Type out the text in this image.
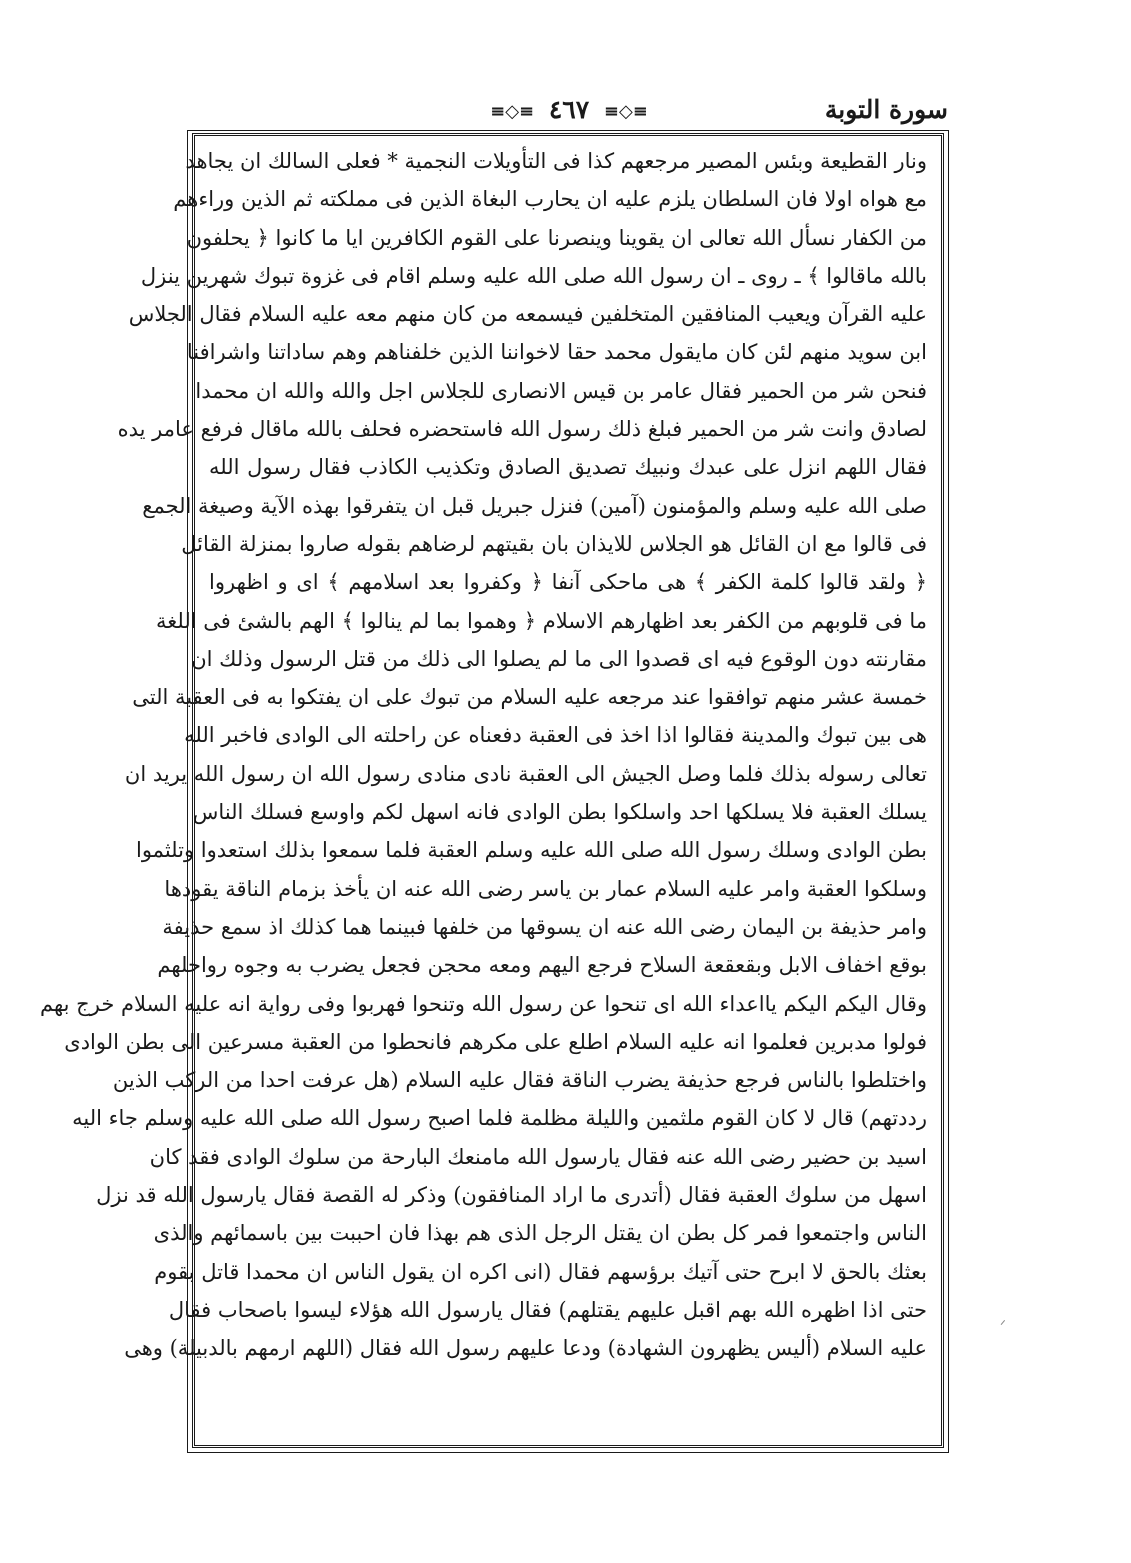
سورة التوبة
≡◇≡ ٤٦٧ ≡◇≡
ونار القطيعة وبئس المصير مرجعهم كذا فى التأويلات النجمية * فعلى السالك ان يجاهد
مع هواه اولا فان السلطان يلزم عليه ان يحارب البغاة الذين فى مملكته ثم الذين وراءهم
من الكفار نسأل الله تعالى ان يقوينا وينصرنا على القوم الكافرين ايا ما كانوا ﴿ يحلفون
بالله ماقالوا ﴾ ـ روى ـ ان رسول الله صلى الله عليه وسلم اقام فى غزوة تبوك شهرين ينزل
عليه القرآن ويعيب المنافقين المتخلفين فيسمعه من كان منهم معه عليه السلام فقال الجلاس
ابن سويد منهم لئن كان مايقول محمد حقا لاخواننا الذين خلفناهم وهم ساداتنا واشرافنا
فنحن شر من الحمير فقال عامر بن قيس الانصارى للجلاس اجل والله والله ان محمدا
لصادق وانت شر من الحمير فبلغ ذلك رسول الله فاستحضره فحلف بالله ماقال فرفع عامر يده
فقال اللهم انزل على عبدك ونبيك تصديق الصادق وتكذيب الكاذب فقال رسول الله
صلى الله عليه وسلم والمؤمنون (آمين) فنزل جبريل قبل ان يتفرقوا بهذه الآية وصيغة الجمع
فى قالوا مع ان القائل هو الجلاس للايذان بان بقيتهم لرضاهم بقوله صاروا بمنزلة القائل
﴿ ولقد قالوا كلمة الكفر ﴾ هى ماحكى آنفا ﴿ وكفروا بعد اسلامهم ﴾ اى و اظهروا
ما فى قلوبهم من الكفر بعد اظهارهم الاسلام ﴿ وهموا بما لم ينالوا ﴾ الهم بالشئ فى اللغة
مقارنته دون الوقوع فيه اى قصدوا الى ما لم يصلوا الى ذلك من قتل الرسول وذلك ان
خمسة عشر منهم توافقوا عند مرجعه عليه السلام من تبوك على ان يفتكوا به فى العقبة التى
هى بين تبوك والمدينة فقالوا اذا اخذ فى العقبة دفعناه عن راحلته الى الوادى فاخبر الله
تعالى رسوله بذلك فلما وصل الجيش الى العقبة نادى منادى رسول الله ان رسول الله يريد ان
يسلك العقبة فلا يسلكها احد واسلكوا بطن الوادى فانه اسهل لكم واوسع فسلك الناس
بطن الوادى وسلك رسول الله صلى الله عليه وسلم العقبة فلما سمعوا بذلك استعدوا وتلثموا
وسلكوا العقبة وامر عليه السلام عمار بن ياسر رضى الله عنه ان يأخذ بزمام الناقة يقودها
وامر حذيفة بن اليمان رضى الله عنه ان يسوقها من خلفها فبينما هما كذلك اذ سمع حذيفة
بوقع اخفاف الابل وبقعقعة السلاح فرجع اليهم ومعه محجن فجعل يضرب به وجوه رواحلهم
وقال اليكم اليكم يااعداء الله اى تنحوا عن رسول الله وتنحوا فهربوا وفى رواية انه عليه السلام خرج بهم
فولوا مدبرين فعلموا انه عليه السلام اطلع على مكرهم فانحطوا من العقبة مسرعين الى بطن الوادى
واختلطوا بالناس فرجع حذيفة يضرب الناقة فقال عليه السلام (هل عرفت احدا من الركب الذين
رددتهم) قال لا كان القوم ملثمين والليلة مظلمة فلما اصبح رسول الله صلى الله عليه وسلم جاء اليه
اسيد بن حضير رضى الله عنه فقال يارسول الله مامنعك البارحة من سلوك الوادى فقد كان
اسهل من سلوك العقبة فقال (أتدرى ما اراد المنافقون) وذكر له القصة فقال يارسول الله قد نزل
الناس واجتمعوا فمر كل بطن ان يقتل الرجل الذى هم بهذا فان احببت بين باسمائهم والذى
بعثك بالحق لا ابرح حتى آتيك برؤسهم فقال (انى اكره ان يقول الناس ان محمدا قاتل بقوم
حتى اذا اظهره الله بهم اقبل عليهم يقتلهم) فقال يارسول الله هؤلاء ليسوا باصحاب فقال
عليه السلام (أليس يظهرون الشهادة) ودعا عليهم رسول الله فقال (اللهم ارمهم بالدبيلة) وهى
ᐟ
